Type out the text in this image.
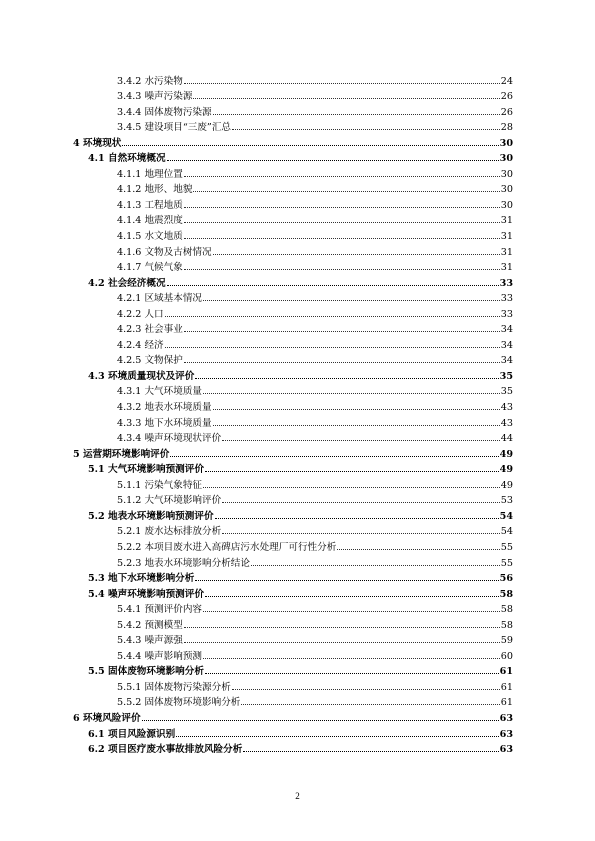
3.4.2 水污染物	24
3.4.3 噪声污染源	26
3.4.4 固体废物污染源	26
3.4.5 建设项目“三废”汇总	28
4 环境现状	30
4.1 自然环境概况	30
4.1.1 地理位置	30
4.1.2 地形、地貌	30
4.1.3 工程地质	30
4.1.4 地震烈度	31
4.1.5 水文地质	31
4.1.6 文物及古树情况	31
4.1.7 气候气象	31
4.2 社会经济概况	33
4.2.1 区域基本情况	33
4.2.2 人口	33
4.2.3 社会事业	34
4.2.4 经济	34
4.2.5 文物保护	34
4.3 环境质量现状及评价	35
4.3.1 大气环境质量	35
4.3.2 地表水环境质量	43
4.3.3 地下水环境质量	43
4.3.4 噪声环境现状评价	44
5 运营期环境影响评价	49
5.1 大气环境影响预测评价	49
5.1.1 污染气象特征	49
5.1.2 大气环境影响评价	53
5.2 地表水环境影响预测评价	54
5.2.1 废水达标排放分析	54
5.2.2 本项目废水进入高碑店污水处理厂可行性分析	55
5.2.3 地表水环境影响分析结论	55
5.3 地下水环境影响分析	56
5.4 噪声环境影响预测评价	58
5.4.1 预测评价内容	58
5.4.2 预测模型	58
5.4.3 噪声源强	59
5.4.4 噪声影响预测	60
5.5 固体废物环境影响分析	61
5.5.1 固体废物污染源分析	61
5.5.2 固体废物环境影响分析	61
6 环境风险评价	63
6.1 项目风险源识别	63
6.2 项目医疗废水事故排放风险分析	63
2
